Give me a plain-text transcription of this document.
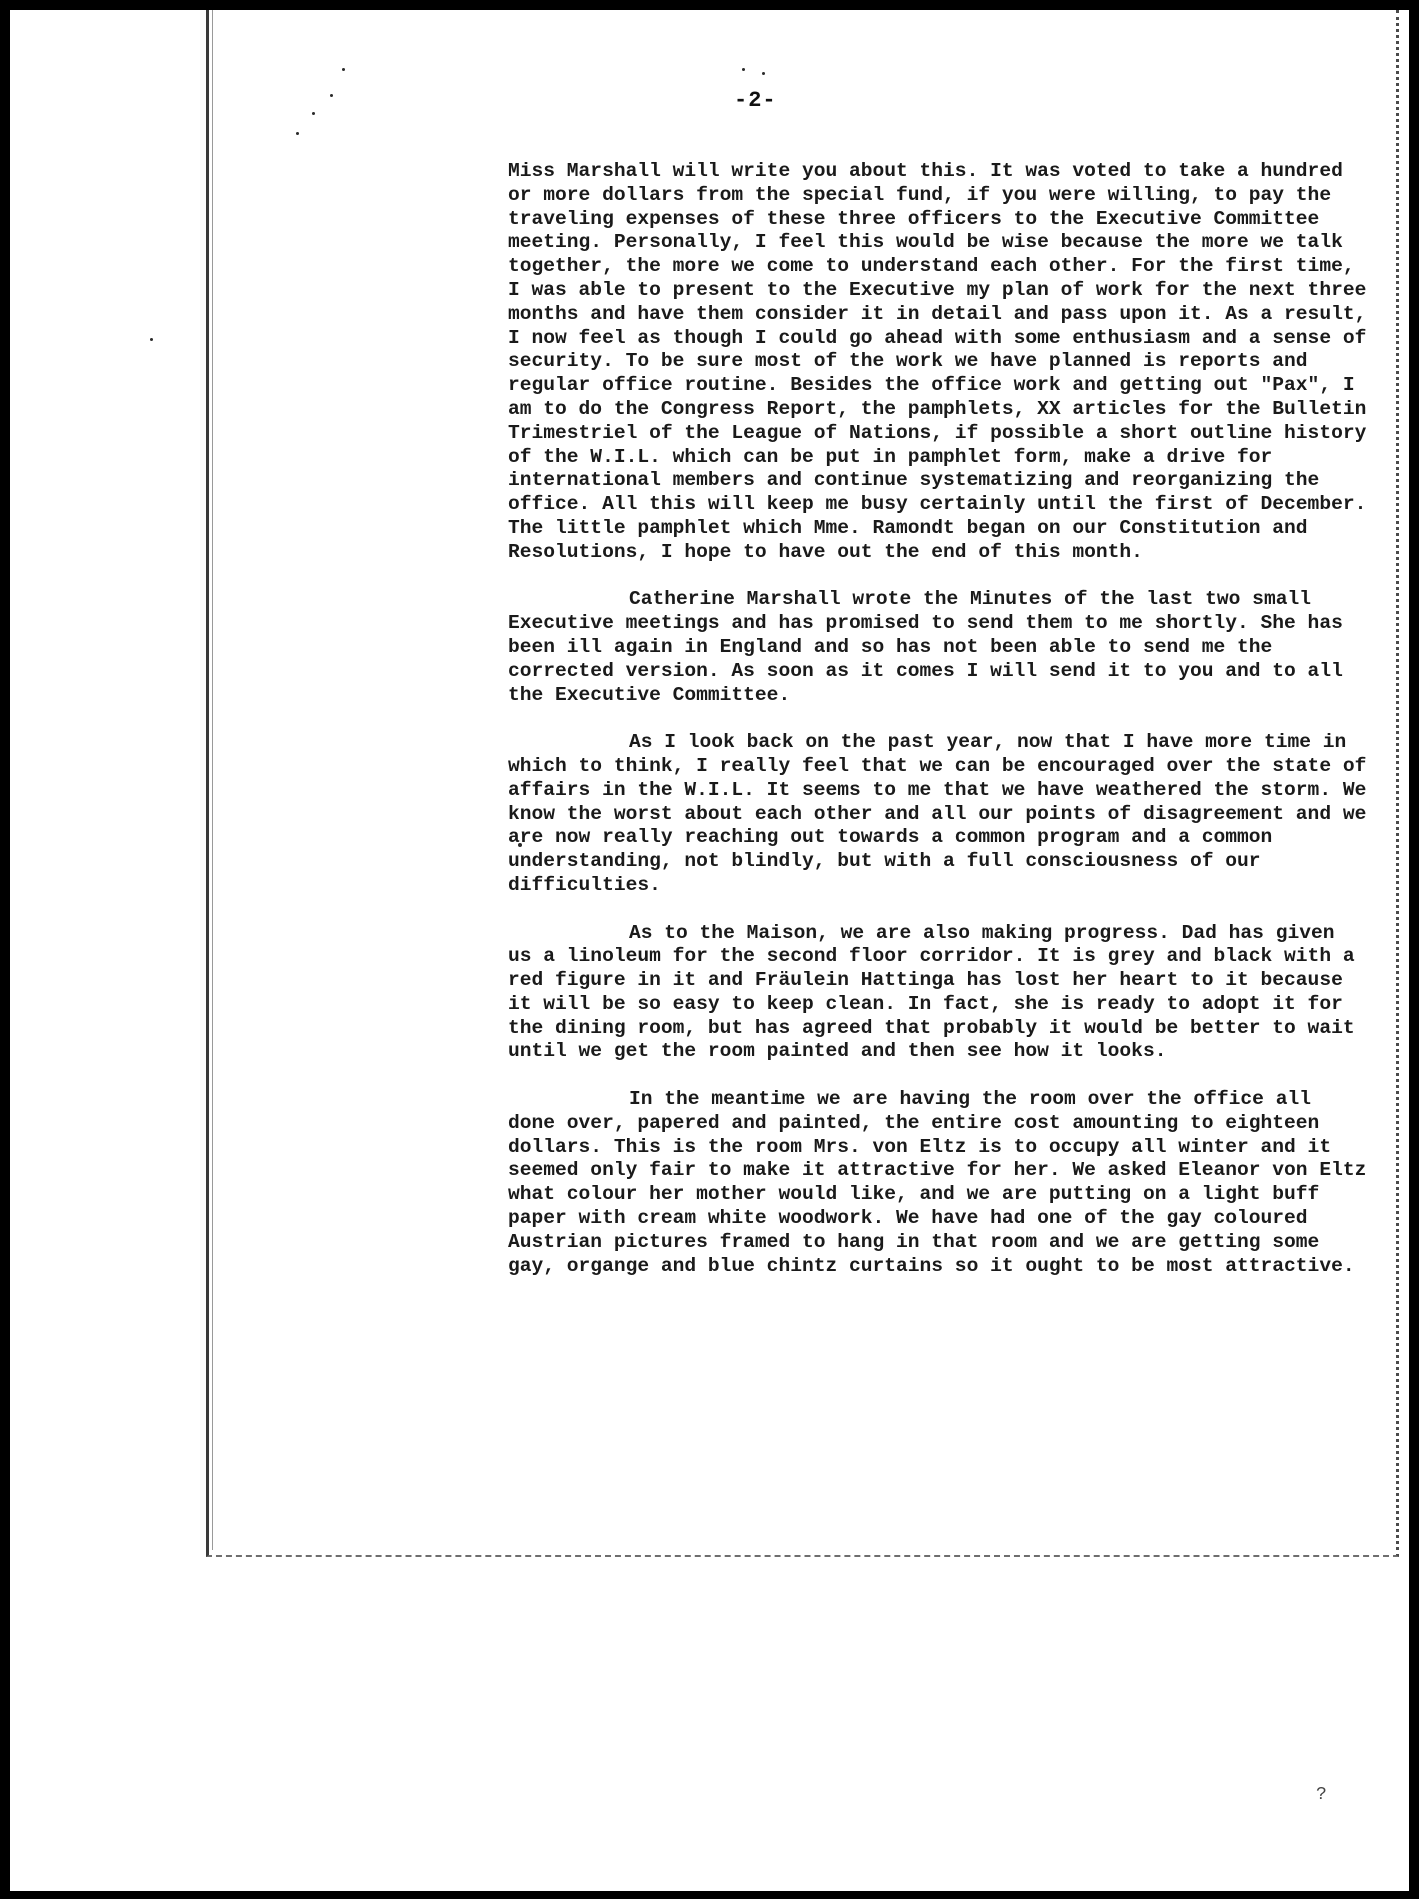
-2-

Miss Marshall will write you about this. It was voted to take a hundred or more dollars from the special fund, if you were willing, to pay the traveling expenses of these three officers to the Executive Committee meeting. Personally, I feel this would be wise because the more we talk together, the more we come to understand each other. For the first time, I was able to present to the Executive my plan of work for the next three months and have them consider it in detail and pass upon it. As a result, I now feel as though I could go ahead with some enthusiasm and a sense of security. To be sure most of the work we have planned is reports and regular office routine. Besides the office work and getting out "Pax", I am to do the Congress Report, the pamphlets, XX articles for the Bulletin Trimestriel of the League of Nations, if possible a short outline history of the W.I.L. which can be put in pamphlet form, make a drive for international members and continue systematizing and reorganizing the office. All this will keep me busy certainly until the first of December. The little pamphlet which Mme. Ramondt began on our Constitution and Resolutions, I hope to have out the end of this month.

Catherine Marshall wrote the Minutes of the last two small Executive meetings and has promised to send them to me shortly. She has been ill again in England and so has not been able to send me the corrected version. As soon as it comes I will send it to you and to all the Executive Committee.

As I look back on the past year, now that I have more time in which to think, I really feel that we can be encouraged over the state of affairs in the W.I.L. It seems to me that we have weathered the storm. We know the worst about each other and all our points of disagreement and we are now really reaching out towards a common program and a common understanding, not blindly, but with a full consciousness of our difficulties.

As to the Maison, we are also making progress. Dad has given us a linoleum for the second floor corridor. It is grey and black with a red figure in it and Fräulein Hattinga has lost her heart to it because it will be so easy to keep clean. In fact, she is ready to adopt it for the dining room, but has agreed that probably it would be better to wait until we get the room painted and then see how it looks.

In the meantime we are having the room over the office all done over, papered and painted, the entire cost amounting to eighteen dollars. This is the room Mrs. von Eltz is to occupy all winter and it seemed only fair to make it attractive for her. We asked Eleanor von Eltz what colour her mother would like, and we are putting on a light buff paper with cream white woodwork. We have had one of the gay coloured Austrian pictures framed to hang in that room and we are getting some gay, organge and blue chintz curtains so it ought to be most attractive.

?
